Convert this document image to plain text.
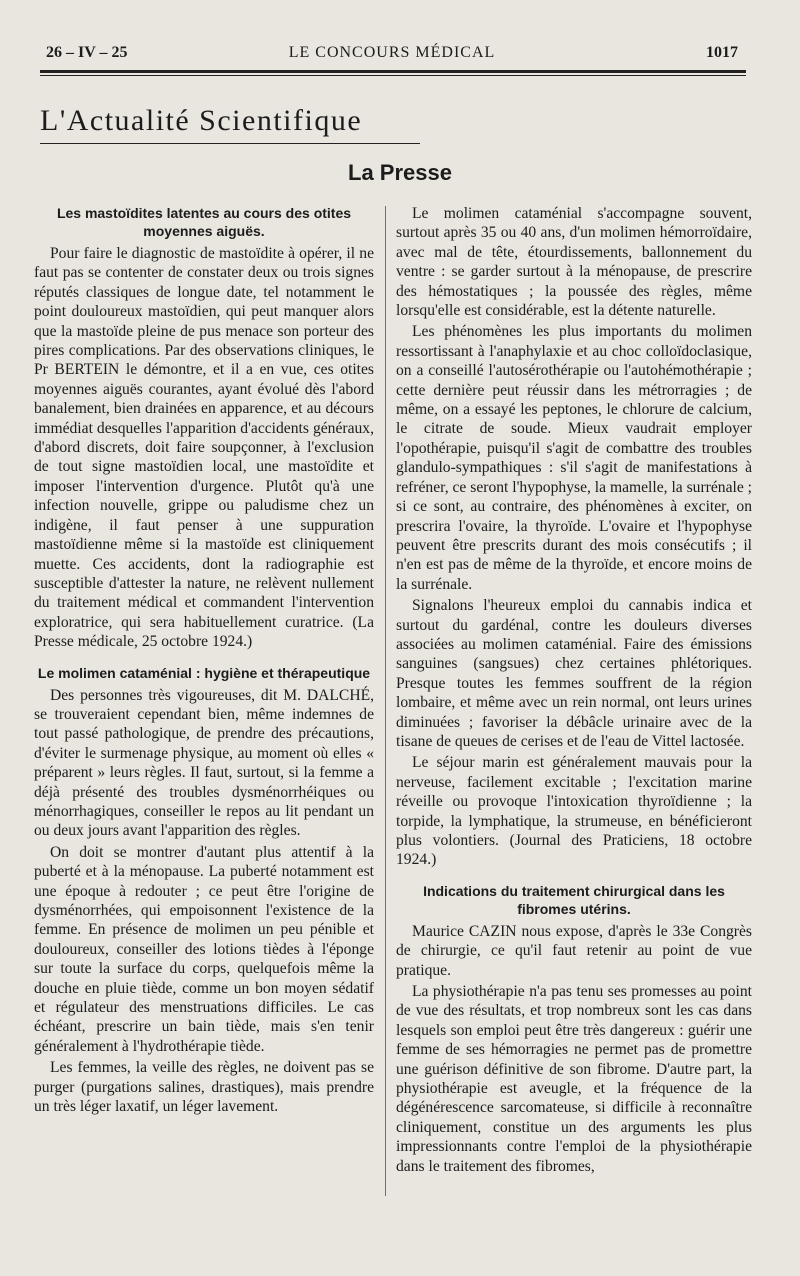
26 – IV – 25	LE CONCOURS MÉDICAL	1017
L'Actualité Scientifique
La Presse
Les mastoïdites latentes au cours des otites moyennes aiguës.

Pour faire le diagnostic de mastoïdite à opérer, il ne faut pas se contenter de constater deux ou trois signes réputés classiques de longue date, tel notamment le point douloureux mastoïdien, qui peut manquer alors que la mastoïde pleine de pus menace son porteur des pires complications. Par des observations cliniques, le Pr BERTEIN le démontre, et il a en vue, ces otites moyennes aiguës courantes, ayant évolué dès l'abord banalement, bien drainées en apparence, et au décours immédiat desquelles l'apparition d'accidents généraux, d'abord discrets, doit faire soupçonner, à l'exclusion de tout signe mastoïdien local, une mastoïdite et imposer l'intervention d'urgence. Plutôt qu'à une infection nouvelle, grippe ou paludisme chez un indigène, il faut penser à une suppuration mastoïdienne même si la mastoïde est cliniquement muette. Ces accidents, dont la radiographie est susceptible d'attester la nature, ne relèvent nullement du traitement médical et commandent l'intervention exploratrice, qui sera habituellement curatrice. (La Presse médicale, 25 octobre 1924.)

Le molimen cataménial : hygiène et thérapeutique

Des personnes très vigoureuses, dit M. DALCHÉ, se trouveraient cependant bien, même indemnes de tout passé pathologique, de prendre des précautions, d'éviter le surmenage physique, au moment où elles « préparent » leurs règles. Il faut, surtout, si la femme a déjà présenté des troubles dysménorrhéiques ou ménorrhagiques, conseiller le repos au lit pendant un ou deux jours avant l'apparition des règles.

On doit se montrer d'autant plus attentif à la puberté et à la ménopause. La puberté notamment est une époque à redouter ; ce peut être l'origine de dysménorrhées, qui empoisonnent l'existence de la femme. En présence de molimen un peu pénible et douloureux, conseiller des lotions tièdes à l'éponge sur toute la surface du corps, quelquefois même la douche en pluie tiède, comme un bon moyen sédatif et régulateur des menstruations difficiles. Le cas échéant, prescrire un bain tiède, mais s'en tenir généralement à l'hydrothérapie tiède.

Les femmes, la veille des règles, ne doivent pas se purger (purgations salines, drastiques), mais prendre un très léger laxatif, un léger lavement.

Le molimen cataménial s'accompagne souvent, surtout après 35 ou 40 ans, d'un molimen hémorroïdaire, avec mal de tête, étourdissements, ballonnement du ventre : se garder surtout à la ménopause, de prescrire des hémostatiques ; la poussée des règles, même lorsqu'elle est considérable, est la détente naturelle.

Les phénomènes les plus importants du molimen ressortissant à l'anaphylaxie et au choc colloïdoclasique, on a conseillé l'autosérothérapie ou l'autohémothérapie ; cette dernière peut réussir dans les métrorragies ; de même, on a essayé les peptones, le chlorure de calcium, le citrate de soude. Mieux vaudrait employer l'opothérapie, puisqu'il s'agit de combattre des troubles glandulo-sympathiques : s'il s'agit de manifestations à refréner, ce seront l'hypophyse, la mamelle, la surrénale ; si ce sont, au contraire, des phénomènes à exciter, on prescrira l'ovaire, la thyroïde. L'ovaire et l'hypophyse peuvent être prescrits durant des mois consécutifs ; il n'en est pas de même de la thyroïde, et encore moins de la surrénale.

Signalons l'heureux emploi du cannabis indica et surtout du gardénal, contre les douleurs diverses associées au molimen cataménial. Faire des émissions sanguines (sangsues) chez certaines phlétoriques. Presque toutes les femmes souffrent de la région lombaire, et même avec un rein normal, ont leurs urines diminuées ; favoriser la débâcle urinaire avec de la tisane de queues de cerises et de l'eau de Vittel lactosée.

Le séjour marin est généralement mauvais pour la nerveuse, facilement excitable ; l'excitation marine réveille ou provoque l'intoxication thyroïdienne ; la torpide, la lymphatique, la strumeuse, en bénéficieront plus volontiers. (Journal des Praticiens, 18 octobre 1924.)

Indications du traitement chirurgical dans les fibromes utérins.

Maurice CAZIN nous expose, d'après le 33e Congrès de chirurgie, ce qu'il faut retenir au point de vue pratique.

La physiothérapie n'a pas tenu ses promesses au point de vue des résultats, et trop nombreux sont les cas dans lesquels son emploi peut être très dangereux : guérir une femme de ses hémorragies ne permet pas de promettre une guérison définitive de son fibrome. D'autre part, la physiothérapie est aveugle, et la fréquence de la dégénérescence sarcomateuse, si difficile à reconnaître cliniquement, constitue un des arguments les plus impressionnants contre l'emploi de la physiothérapie dans le traitement des fibromes,
